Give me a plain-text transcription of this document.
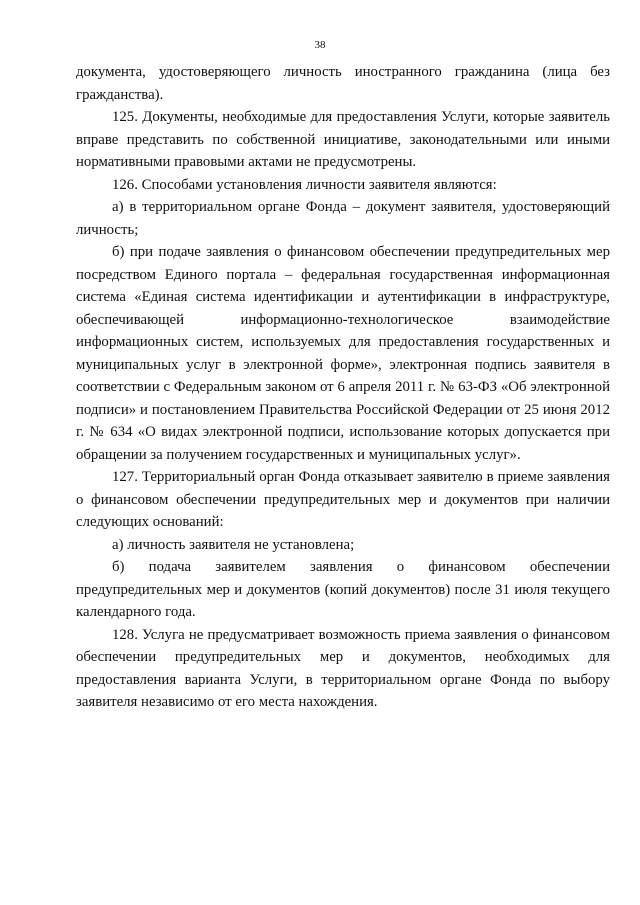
38

документа, удостоверяющего личность иностранного гражданина (лица без гражданства).

125. Документы, необходимые для предоставления Услуги, которые заявитель вправе представить по собственной инициативе, законодательными или иными нормативными правовыми актами не предусмотрены.

126. Способами установления личности заявителя являются:

а) в территориальном органе Фонда – документ заявителя, удостоверяющий личность;

б) при подаче заявления о финансовом обеспечении предупредительных мер посредством Единого портала – федеральная государственная информационная система «Единая система идентификации и аутентификации в инфраструктуре, обеспечивающей информационно-технологическое взаимодействие информационных систем, используемых для предоставления государственных и муниципальных услуг в электронной форме», электронная подпись заявителя в соответствии с Федеральным законом от 6 апреля 2011 г. № 63-ФЗ «Об электронной подписи» и постановлением Правительства Российской Федерации от 25 июня 2012 г. № 634 «О видах электронной подписи, использование которых допускается при обращении за получением государственных и муниципальных услуг».

127. Территориальный орган Фонда отказывает заявителю в приеме заявления о финансовом обеспечении предупредительных мер и документов при наличии следующих оснований:

а) личность заявителя не установлена;

б) подача заявителем заявления о финансовом обеспечении предупредительных мер и документов (копий документов) после 31 июля текущего календарного года.

128. Услуга не предусматривает возможность приема заявления о финансовом обеспечении предупредительных мер и документов, необходимых для предоставления варианта Услуги, в территориальном органе Фонда по выбору заявителя независимо от его места нахождения.
